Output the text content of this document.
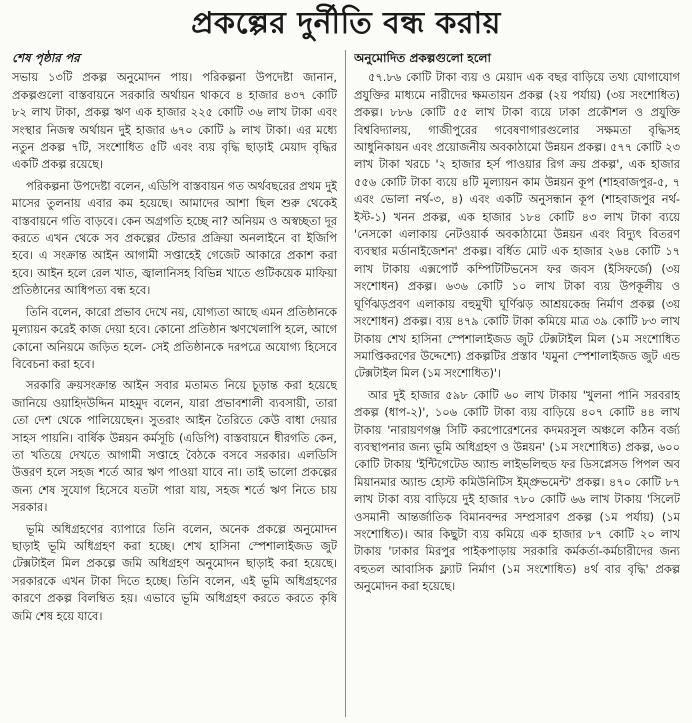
প্রকল্পের দুর্নীতি বন্ধ করায়
শেষ পৃষ্ঠার পর

সভায় ১৩টি প্রকল্প অনুমোদন পায়। পরিকল্পনা উপদেষ্টা জানান, প্রকল্পগুলো বাস্তবায়নে সরকারি অর্থায়ন থাকবে ৪ হাজার ৪৩৭ কোটি ৮২ লাখ টাকা, প্রকল্প ঋণ এক হাজার ২২৫ কোটি ৩৬ লাখ টাকা এবং সংস্থার নিজস্ব অর্থায়ন দুই হাজার ৬৭০ কোটি ৯ লাখ টাকা। এর মধ্যে নতুন প্রকল্প ৭টি, সংশোধিত ৫টি এবং ব্যয় বৃদ্ধি ছাড়াই মেয়াদ বৃদ্ধির একটি প্রকল্প রয়েছে।

পরিকল্পনা উপদেষ্টা বলেন, এডিপি বাস্তবায়ন গত অর্থবছরের প্রথম দুই মাসের তুলনায় এবার কম হয়েছে। আমাদের আশা ছিল শুরু থেকেই বাস্তবায়নে গতি বাড়বে। কেন অগ্রগতি হচ্ছে না? অনিয়ম ও অস্বচ্ছতা দূর করতে এখন থেকে সব প্রকল্পের টেন্ডার প্রক্রিয়া অনলাইনে বা ইজিপি হবে। এ সংক্রান্ত আইন আগামী সপ্তাহেই গেজেট আকারে প্রকাশ করা হবে। আইন হলে রেল খাত, জ্বালানিসহ বিভিন্ন খাতে গুটিকয়েক মাফিয়া প্রতিষ্ঠানের আধিপত্য বন্ধ হবে।

তিনি বলেন, কারো প্রভাব দেখে নয়, যোগ্যতা আছে এমন প্রতিষ্ঠানকে মূল্যায়ন করেই কাজ দেয়া হবে। কোনো প্রতিষ্ঠান ঋণখেলাপি হলে, আগে কোনো অনিয়মে জড়িত হলে- সেই প্রতিষ্ঠানকে দরপত্রে অযোগ্য হিসেবে বিবেচনা করা হবে।

সরকারি ক্রয়সংক্রান্ত আইন সবার মতামত নিয়ে চূড়ান্ত করা হয়েছে জানিয়ে ওয়াহিদউদ্দিন মাহমুদ বলেন, যারা প্রভাবশালী ব্যবসায়ী, তারা তো দেশ থেকে পালিয়েছেন। সুতরাং আইন তৈরিতে কেউ বাধা দেয়ার সাহস পায়নি। বার্ষিক উন্নয়ন কর্মসূচি (এডিপি) বাস্তবায়নে ধীরগতি কেন, তা খতিয়ে দেখতে আগামী সপ্তাহে বৈঠকে বসবে সরকার। এলডিসি উত্তরণ হলে সহজ শর্তে আর ঋণ পাওয়া যাবে না। তাই ভালো প্রকল্পের জন্য শেষ সুযোগ হিসেবে যতটা পারা যায়, সহজ শর্তে ঋণ নিতে চায় সরকার।

ভূমি অধিগ্রহণের ব্যাপারে তিনি বলেন, অনেক প্রকল্পে অনুমোদন ছাড়াই ভূমি অধিগ্রহণ করা হচ্ছে। শেখ হাসিনা স্পেশালাইজড জুট টেক্সটাইল মিল প্রকল্পে জমি অধিগ্রহণ অনুমোদন ছাড়াই করা হয়েছে। সরকারকে এখন টাকা দিতে হচ্ছে। তিনি বলেন, এই ভূমি অধিগ্রহণের কারণে প্রকল্প বিলম্বিত হয়। এভাবে ভূমি অধিগ্রহণ করতে করতে কৃষি জমি শেষ হয়ে যাবে।

অনুমোদিত প্রকল্পগুলো হলো

৫৭.৮৬ কোটি টাকা ব্যয় ও মেয়াদ এক বছর বাড়িয়ে তথ্য যোগাযোগ প্রযুক্তির মাধ্যমে নারীদের ক্ষমতায়ন প্রকল্প (২য় পর্যায়) (৩য় সংশোধিত) প্রকল্প। ৮৮৬ কোটি ৫৫ লাখ টাকা ব্যয়ে ঢাকা প্রকৌশল ও প্রযুক্তি বিশ্ববিদ্যালয়, গাজীপুরের গবেষণাগারগুলোর সক্ষমতা বৃদ্ধিসহ আধুনিকায়ন এবং প্রয়োজনীয় অবকাঠামো উন্নয়ন প্রকল্প। ৫৭৭ কোটি ২৩ লাখ টাকা খরচে '২ হাজার হর্স পাওয়ার রিগ ক্রয় প্রকল্প', এক হাজার ৫৫৬ কোটি টাকা ব্যয়ে ৪টি মূল্যায়ন কাম উন্নয়ন কূপ (শাহবাজপুর-৫, ৭ এবং ভোলা নর্থ-৩, ৪) এবং একটি অনুসন্ধান কূপ (শাহবাজপুর নর্থ-ইস্ট-১) খনন প্রকল্প, এক হাজার ১৮৪ কোটি ৪৩ লাখ টাকা ব্যয়ে 'নেসকো এলাকায় নেটওয়ার্ক অবকাঠামো উন্নয়ন এবং বিদ্যুৎ বিতরণ ব্যবস্থার মর্ডানাইজেশন' প্রকল্প। বর্ধিত মোট এক হাজার ২৬৪ কোটি ১৭ লাখ টাকায় এক্সপোর্ট কম্পিটিটিভনেস ফর জবস (ইসিফর্জে) (৩য় সংশোধন) প্রকল্প। ৬৩৬ কোটি ১০ লাখ টাকা ব্যয় উপকূলীয় ও ঘূর্ণিঝড়প্রবণ এলাকায় বহুমুখী ঘূর্ণিঝড় আশ্রয়কেন্দ্র নির্মাণ প্রকল্প (৩য় সংশোধন) প্রকল্প। ব্যয় ৪৭৯ কোটি টাকা কমিয়ে মাত্র ৩৯ কোটি ৮৩ লাখ টাকায় শেখ হাসিনা স্পেশালাইজড জুট টেক্সটাইল মিল (১ম সংশোধিত সমাপ্তিকরণের উদ্দেশ্যে) প্রকল্পটির প্রস্তাব 'যমুনা স্পেশালাইজড জুট এন্ড টেক্সটাইল মিল (১ম সংশোধিত)'।

আর দুই হাজার ৫৯৮ কোটি ৬০ লাখ টাকায় 'খুলনা পানি সরবরাহ প্রকল্প (ধাপ-২)', ১০৬ কোটি টাকা ব্যয় বাড়িয়ে ৪০৭ কোটি ৪৪ লাখ টাকায় 'নারায়ণগঞ্জ সিটি করপোরেশনের কদমরসুল অঞ্চলে কঠিন বর্জ্য ব্যবস্থাপনার জন্য ভূমি অধিগ্রহণ ও উন্নয়ন' (১ম সংশোধিত) প্রকল্প, ৬০০ কোটি টাকায় 'ইন্টিগেটেড অ্যান্ড লাইভলিহুড ফর ডিসপ্লেসড পিপল অব মিয়ানমার অ্যান্ড হোস্ট কমিউনিটিস ইম্প্রুভমেন্ট' প্রকল্প। ৪৭০ কোটি ৮৭ লাখ টাকা ব্যয় বাড়িয়ে দুই হাজার ৭৮০ কোটি ৬৬ লাখ টাকায় 'সিলেট ওসমানী আন্তর্জাতিক বিমানবন্দর সম্প্রসারণ প্রকল্প (১ম পর্যায়) (১ম সংশোধিত)। আর কিছুটা ব্যয় কমিয়ে এক হাজার ৮৭ কোটি ২০ লাখ টাকায় 'ঢাকার মিরপুর পাইকপাড়ায় সরকারি কর্মকর্তা-কর্মচারীদের জন্য বহুতল আবাসিক ফ্ল্যাট নির্মাণ (১ম সংশোধিত) ৪র্থ বার বৃদ্ধি' প্রকল্প অনুমোদন করা হয়েছে।
